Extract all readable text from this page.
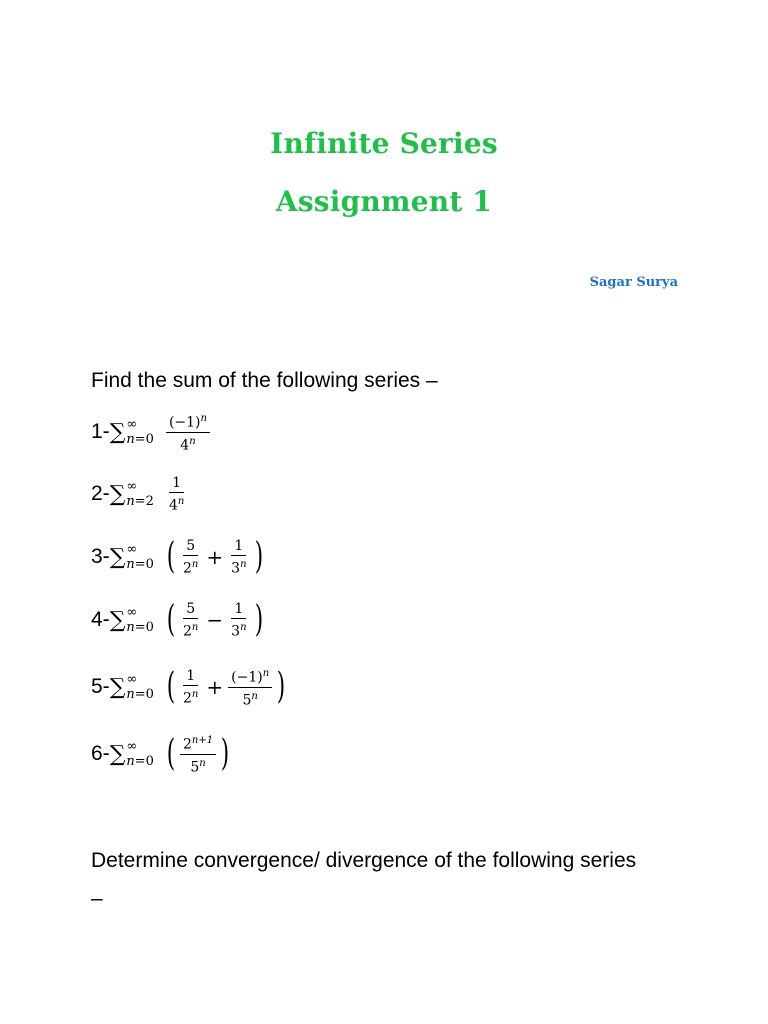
Infinite Series
Assignment 1
Sagar Surya
Find the sum of the following series –
1- ∑ ∞
$n=0 \frac{(-1)^n}{4^n}$
2- ∑ ∞
$n=2 \frac{1}{4^n}$
3- ∑ ∞
n=0 ( $\frac{5}{2^n} + \frac{1}{3^n}$ )
4- ∑ ∞
n=0 ( $\frac{5}{2^n} - \frac{1}{3^n}$ )
5- ∑ ∞
n=0 ( $\frac{1}{2^n} + \frac{(-1)^n}{5^n}$ )
6- ∑ ∞
n=0 ( $\frac{2^{n+1}}{5^n}$ )
Determine convergence/ divergence of the following series –
